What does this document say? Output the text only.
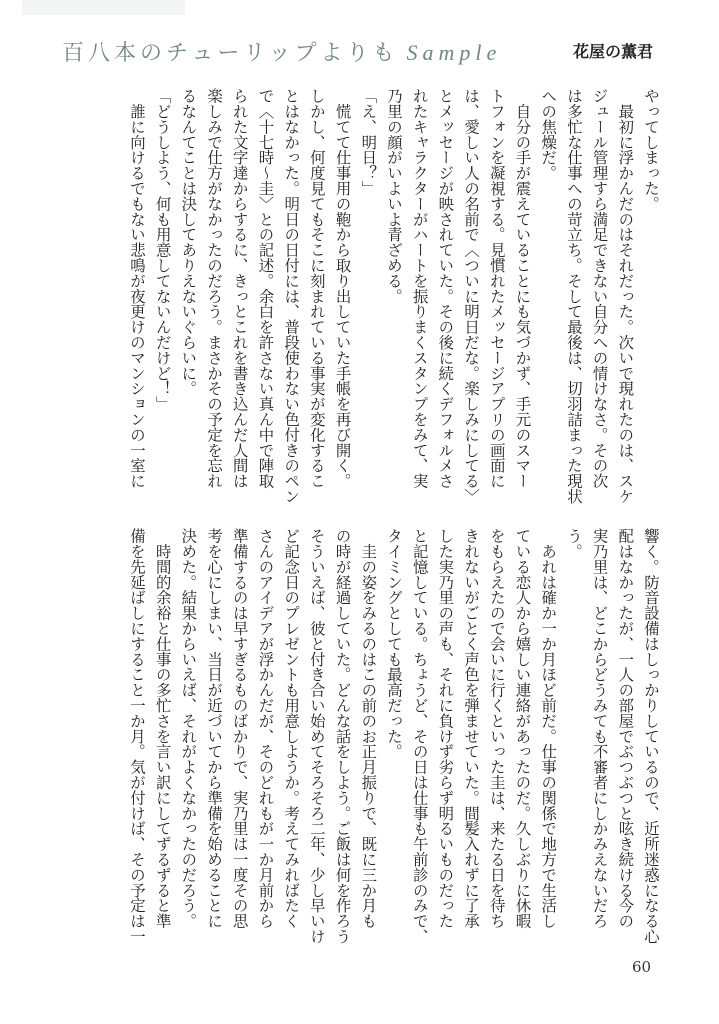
百八本のチューリップよりも Sample	花屋の薫君
やってしまった。
　最初に浮かんだのはそれだった。次いで現れたのは、スケ
ジュール管理すら満足できない自分への情けなさ。その次
は多忙な仕事への苛立ち。そして最後は、切羽詰まった現状
への焦燥だ。
　自分の手が震えていることにも気づかず、手元のスマー
トフォンを凝視する。見慣れたメッセージアプリの画面に
は、愛しい人の名前で〈ついに明日だな。楽しみにしてる〉
とメッセージが映されていた。その後に続くデフォルメさ
れたキャラクターがハートを振りまくスタンプをみて、実
乃里の顔がいよいよ青ざめる。
「え、明日？」
　慌てて仕事用の鞄から取り出していた手帳を再び開く。
しかし、何度見てもそこに刻まれている事実が変化するこ
とはなかった。明日の日付には、普段使わない色付きのペン
で〈十七時～圭〉との記述。余白を許さない真ん中で陣取
られた文字達からするに、きっとこれを書き込んだ人間は
楽しみで仕方がなかったのだろう。まさかその予定を忘れ
るなんてことは決してありえないぐらいに。
「どうしよう、何も用意してないんだけど！」
　誰に向けるでもない悲鳴が夜更けのマンションの一室に
響く。防音設備はしっかりしているので、近所迷惑になる心
配はなかったが、一人の部屋でぶつぶつと呟き続ける今の
実乃里は、どこからどうみても不審者にしかみえないだろ
う。
　あれは確か一か月ほど前だ。仕事の関係で地方で生活し
ている恋人から嬉しい連絡があったのだ。久しぶりに休暇
をもらえたので会いに行くといった圭は、来たる日を待ち
きれないがごとく声色を弾ませていた。間髪入れずに了承
した実乃里の声も、それに負けず劣らず明るいものだった
と記憶している。ちょうど、その日は仕事も午前診のみで、
タイミングとしても最高だった。
　圭の姿をみるのはこの前のお正月振りで、既に三か月も
の時が経過していた。どんな話をしよう。ご飯は何を作ろう
そういえば、彼と付き合い始めてそろそろ二年、少し早いけ
ど記念日のプレゼントも用意しようか。考えてみればたく
さんのアイデアが浮かんだが、そのどれもが一か月前から
準備するのは早すぎるものばかりで、実乃里は一度その思
考を心にしまい、当日が近づいてから準備を始めることに
決めた。結果からいえば、それがよくなかったのだろう。
　時間的余裕と仕事の多忙さを言い訳にしてずるずると準
備を先延ばしにすること一か月。気が付けば、その予定は一
60
